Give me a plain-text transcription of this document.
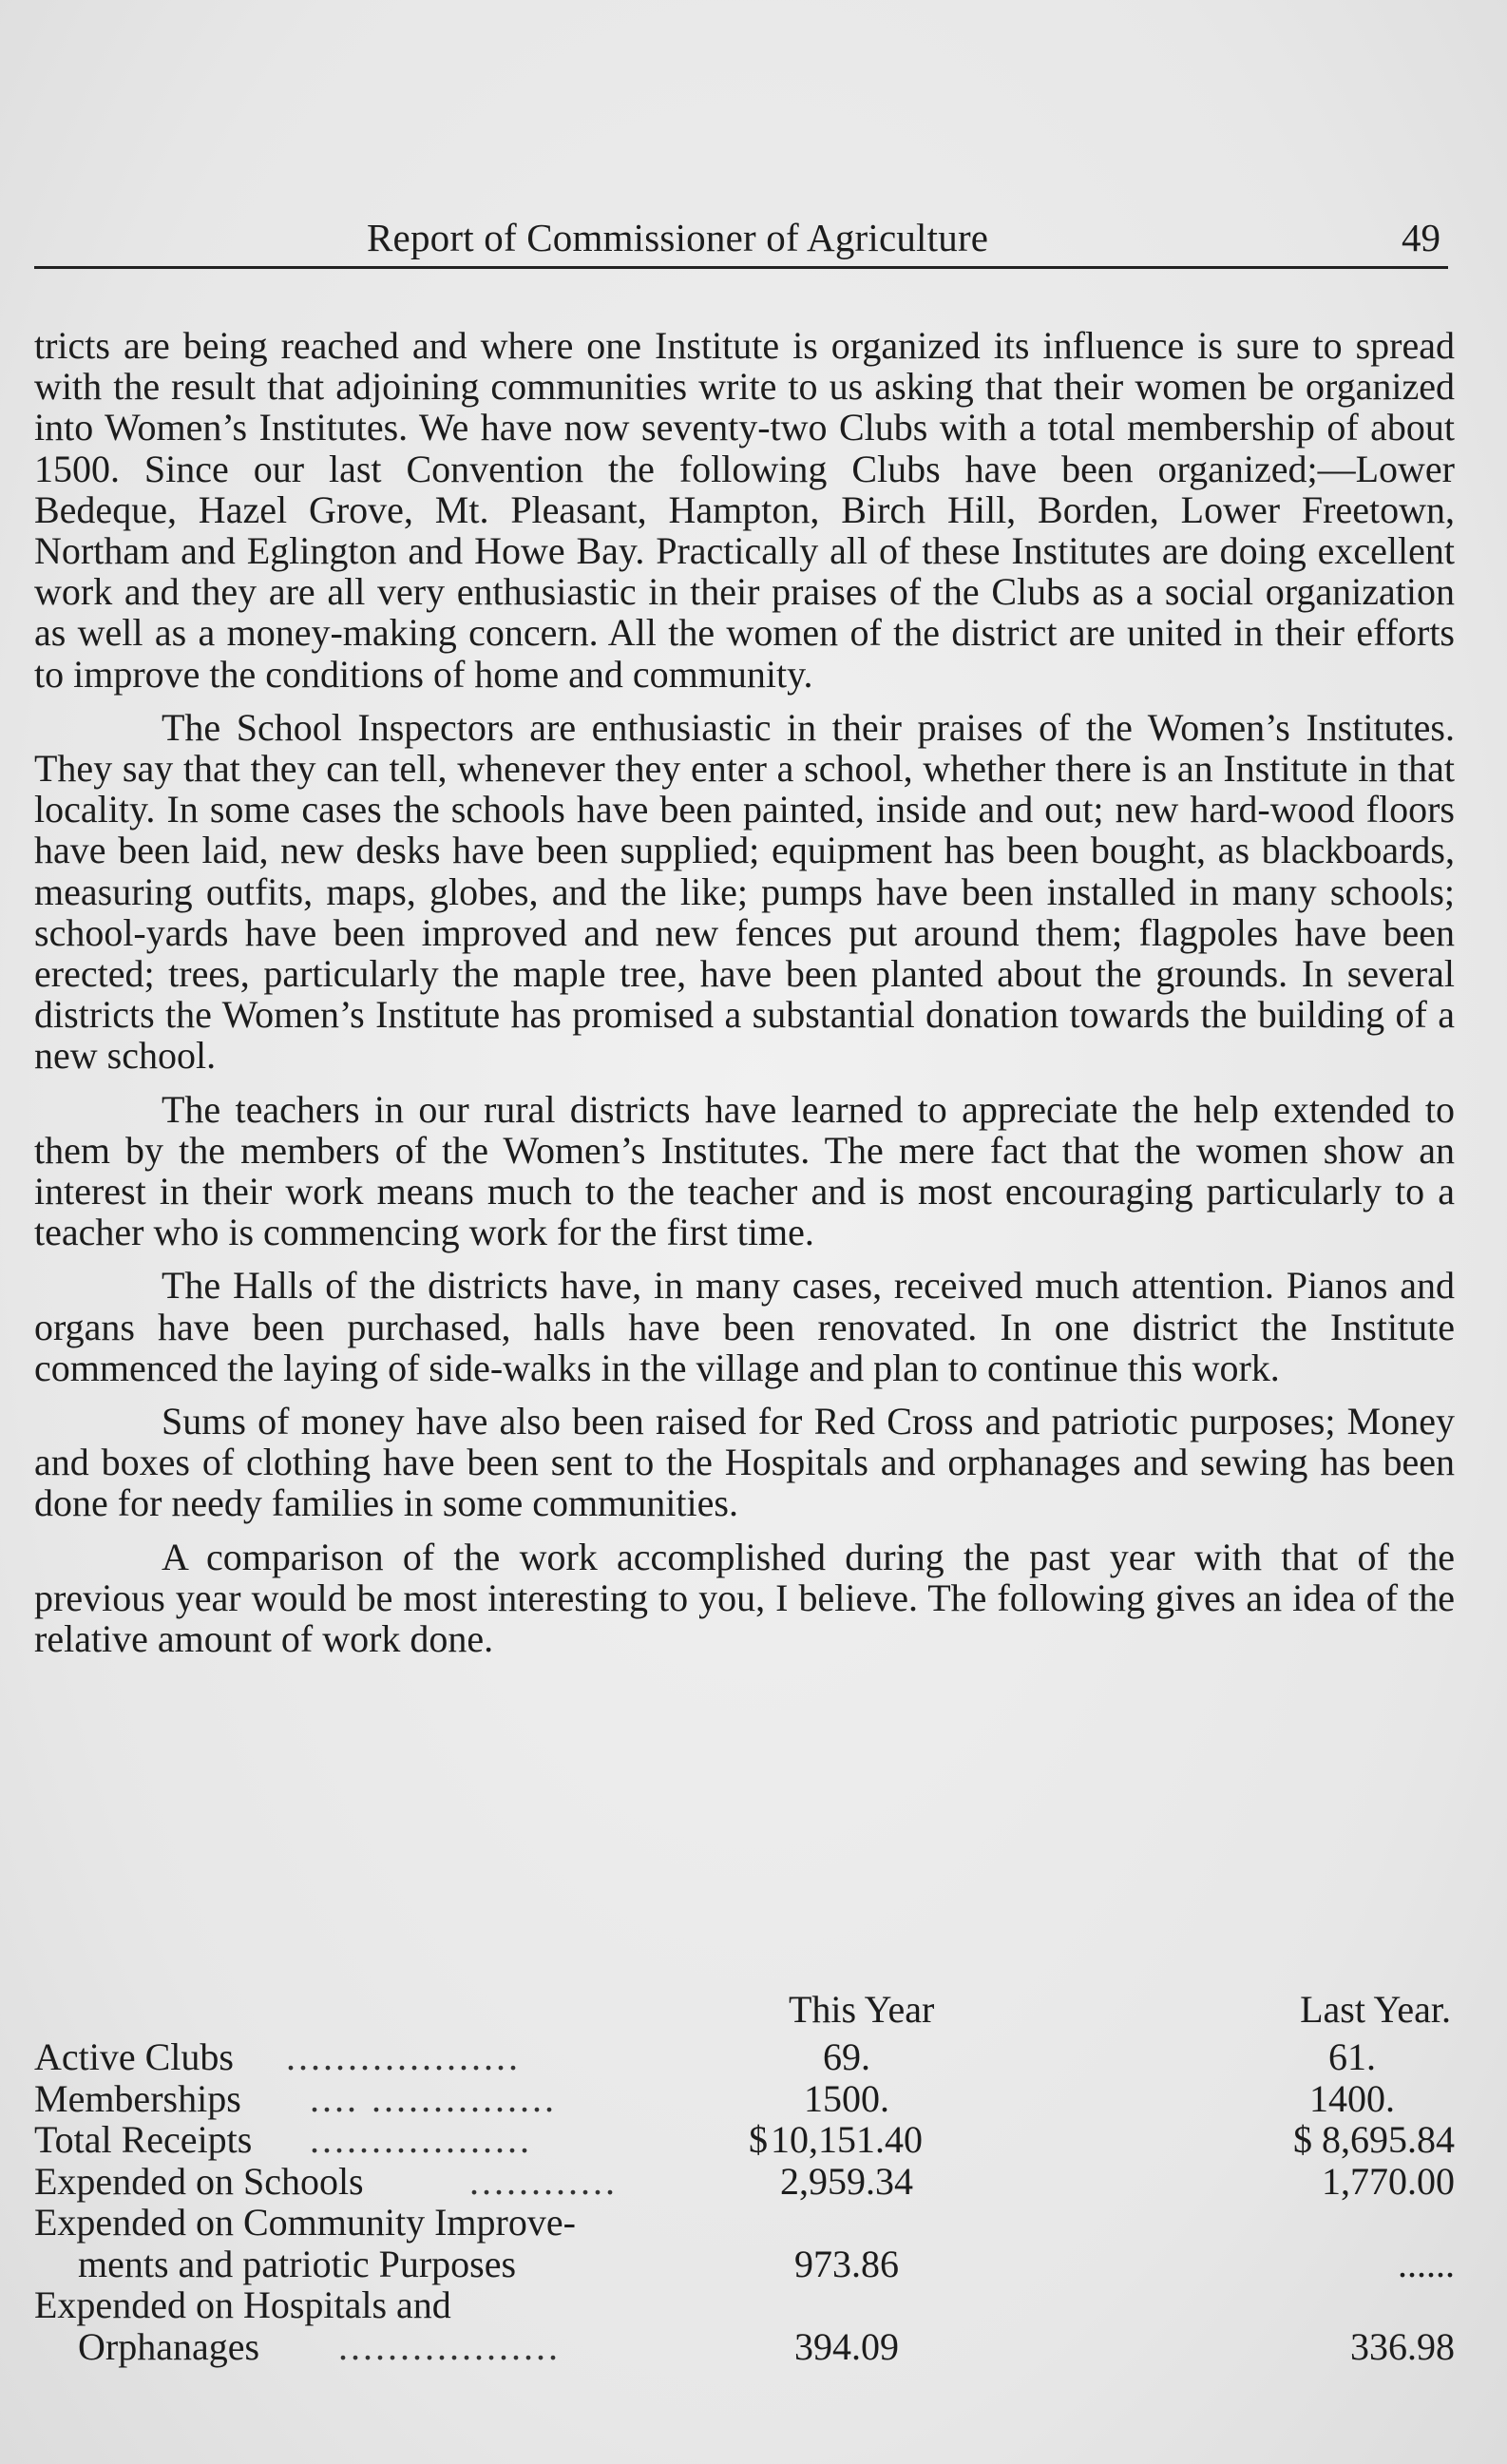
Report of Commissioner of Agriculture	49

tricts are being reached and where one Institute is organized its influence is sure to spread with the result that adjoining communities write to us asking that their women be organized into Women’s Institutes. We have now seventy-two Clubs with a total membership of about 1500. Since our last Convention the following Clubs have been organized;—Lower Bedeque, Hazel Grove, Mt. Pleasant, Hampton, Birch Hill, Borden, Lower Freetown, Northam and Eglington and Howe Bay. Practically all of these Institutes are doing excellent work and they are all very enthusiastic in their praises of the Clubs as a social organization as well as a money-making concern. All the women of the district are united in their efforts to improve the conditions of home and community.

The School Inspectors are enthusiastic in their praises of the Women’s Institutes. They say that they can tell, whenever they enter a school, whether there is an Institute in that locality. In some cases the schools have been painted, inside and out; new hard-wood floors have been laid, new desks have been supplied; equipment has been bought, as blackboards, measuring outfits, maps, globes, and the like; pumps have been installed in many schools; school-yards have been improved and new fences put around them; flagpoles have been erected; trees, particularly the maple tree, have been planted about the grounds. In several districts the Women’s Institute has promised a substantial donation towards the building of a new school.

The teachers in our rural districts have learned to appreciate the help extended to them by the members of the Women’s Institutes. The mere fact that the women show an interest in their work means much to the teacher and is most encouraging particularly to a teacher who is commencing work for the first time.

The Halls of the districts have, in many cases, received much attention. Pianos and organs have been purchased, halls have been renovated. In one district the Institute commenced the laying of side-walks in the village and plan to continue this work.

Sums of money have also been raised for Red Cross and patriotic purposes; Money and boxes of clothing have been sent to the Hospitals and orphanages and sewing has been done for needy families in some communities.

A comparison of the work accomplished during the past year with that of the previous year would be most interesting to you, I believe. The following gives an idea of the relative amount of work done.

This Year	Last Year.
Active Clubs ...................	69.	61.
Memberships .... ...............	1500.	1400.
Total Receipts ..................	$ 10,151.40	$ 8,695.84
Expended on Schools	............	2,959.34	1,770.00
Expended on Community Improve-
ments and patriotic Purposes	973.86	......
Expended on Hospitals and
Orphanages ..................	394.09	336.98
